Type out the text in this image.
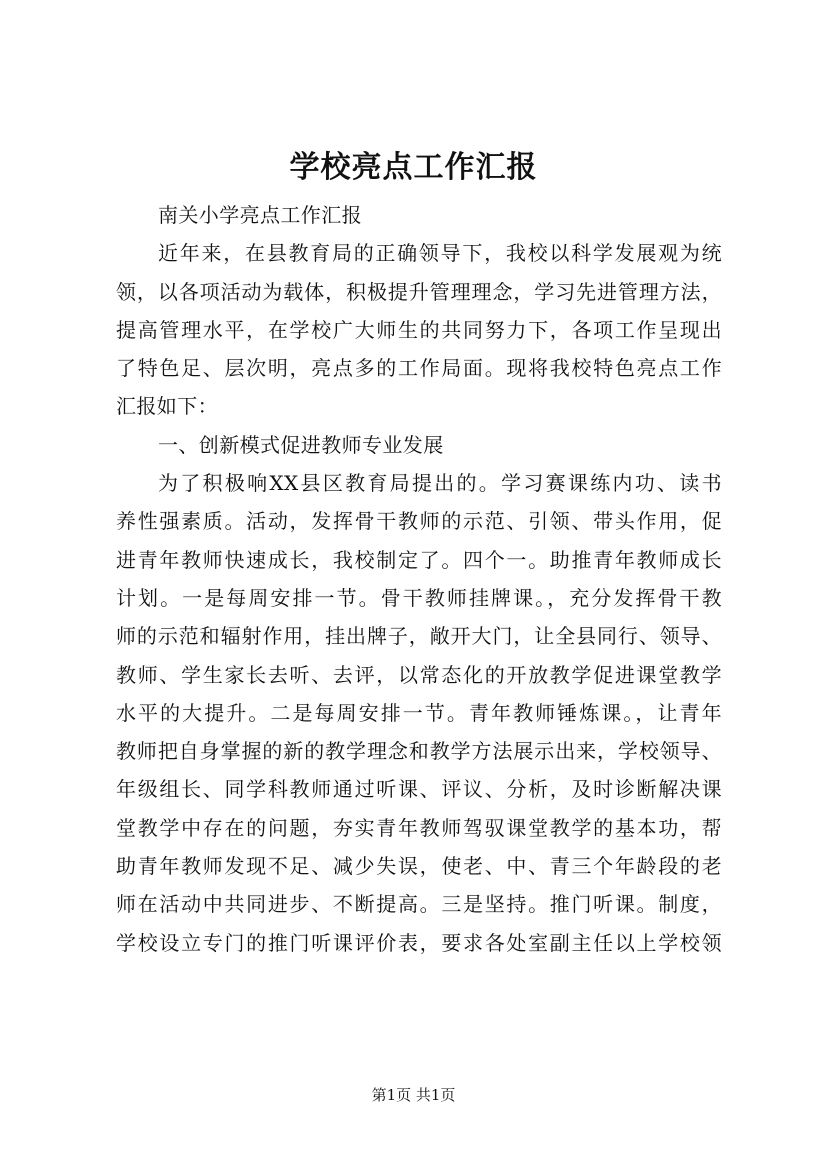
学校亮点工作汇报
南关小学亮点工作汇报
近年来，在县教育局的正确领导下，我校以科学发展观为统
领，以各项活动为载体，积极提升管理理念，学习先进管理方法，
提高管理水平，在学校广大师生的共同努力下，各项工作呈现出
了特色足、层次明，亮点多的工作局面。现将我校特色亮点工作
汇报如下：
一、创新模式促进教师专业发展
为了积极响XX县区教育局提出的。学习赛课练内功、读书
养性强素质。活动，发挥骨干教师的示范、引领、带头作用，促
进青年教师快速成长，我校制定了。四个一。助推青年教师成长
计划。一是每周安排一节。骨干教师挂牌课。，充分发挥骨干教
师的示范和辐射作用，挂出牌子，敞开大门，让全县同行、领导、
教师、学生家长去听、去评，以常态化的开放教学促进课堂教学
水平的大提升。二是每周安排一节。青年教师锤炼课。，让青年
教师把自身掌握的新的教学理念和教学方法展示出来，学校领导、
年级组长、同学科教师通过听课、评议、分析，及时诊断解决课
堂教学中存在的问题，夯实青年教师驾驭课堂教学的基本功，帮
助青年教师发现不足、减少失误，使老、中、青三个年龄段的老
师在活动中共同进步、不断提高。三是坚持。推门听课。制度，
学校设立专门的推门听课评价表，要求各处室副主任以上学校领
第1页 共1页
